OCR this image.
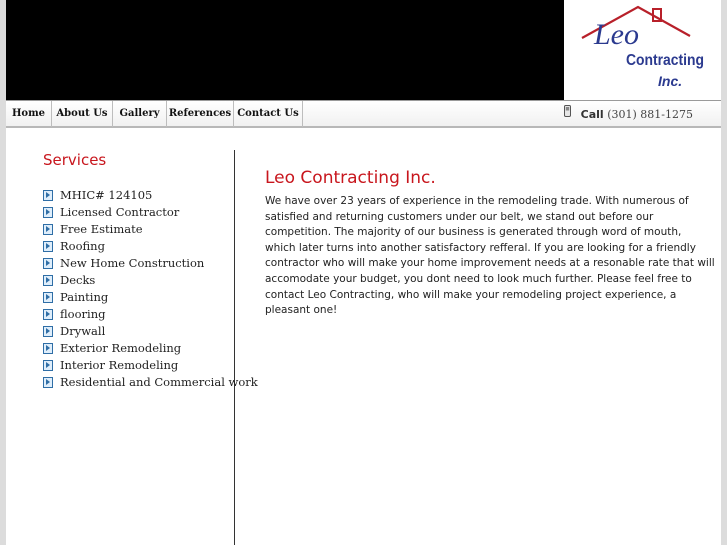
Leo
Contracting
Inc.
Home	About Us	Gallery References Contact Us	Call (301) 881-1275
Services
MHIC# 124105
Licensed Contractor
Free Estimate
Roofing
New Home Construction
Decks
Painting
flooring
Drywall
Exterior Remodeling
Interior Remodeling
Residential and Commercial work
Leo Contracting Inc.
We have over 23 years of experience in the remodeling trade. With numerous of satisfied and returning customers under our belt, we stand out before our competition. The majority of our business is generated through word of mouth, which later turns into another satisfactory refferal. If you are looking for a friendly contractor who will make your home improvement needs at a resonable rate that will accomodate your budget, you dont need to look much further. Please feel free to contact Leo Contracting, who will make your remodeling project experience, a pleasant one!
